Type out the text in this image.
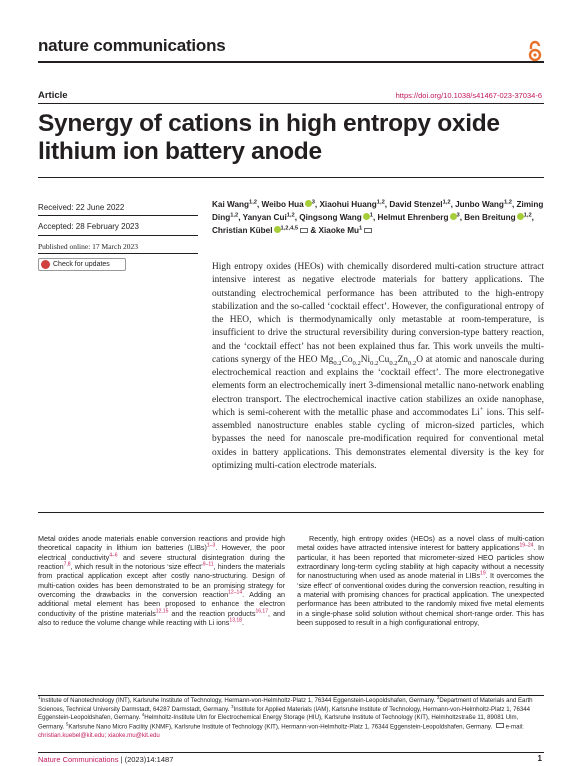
nature communications
Article	https://doi.org/10.1038/s41467-023-37034-6
Synergy of cations in high entropy oxide
lithium ion battery anode
Received: 22 June 2022
Accepted: 28 February 2023
Published online: 17 March 2023
Check for updates
Kai Wang$^{1,2}$, Weibo Hua $^3$, Xiaohui Huang$^{1,2}$, David Stenzel$^{1,2}$, Junbo Wang$^{1,2}$, Ziming Ding$^{1,2}$, Yanyan Cui$^{1,2}$, Qingsong Wang $^1$, Helmut Ehrenberg $^3$, Ben Breitung $^{1,2}$, Christian Kübel $^{1,2,4,5}$ & Xiaoke Mu$^1$
High entropy oxides (HEOs) with chemically disordered multi-cation structure attract intensive interest as negative electrode materials for battery applications. The outstanding electrochemical performance has been attributed to the high-entropy stabilization and the so-called ‘cocktail effect’. However, the configurational entropy of the HEO, which is thermodynamically only metastable at room-temperature, is insufficient to drive the structural reversibility during conversion-type battery reaction, and the ‘cocktail effect’ has not been explained thus far. This work unveils the multi-cations synergy of the HEO $Mg_{0.2}Co_{0.2}Ni_{0.2}Cu_{0.2}Zn_{0.2}O$ at atomic and nanoscale during electrochemical reaction and explains the ‘cocktail effect’. The more electronegative elements form an electrochemically inert 3-dimensional metallic nano-network enabling electron transport. The electrochemical inactive cation stabilizes an oxide nanophase, which is semi-coherent with the metallic phase and accommodates Li+ ions. This self-assembled nanostructure enables stable cycling of micron-sized particles, which bypasses the need for nanoscale pre-modification required for conventional metal oxides in battery applications. This demonstrates elemental diversity is the key for optimizing multi-cation electrode materials.
Metal oxides anode materials enable conversion reactions and provide high theoretical capacity in lithium ion batteries (LIBs)$^{1-3}$. However, the poor electrical conductivity$^{4-6}$ and severe structural disintegration during the reaction$^{7,8}$, which result in the notorious ‘size effect’$^{9-11}$, hinders the materials from practical application except after costly nano-structuring. Design of multi-cation oxides has been demonstrated to be an promising strategy for overcoming the drawbacks in the conversion reaction$^{12-14}$. Adding an additional metal element has been proposed to enhance the electron conductivity of the pristine materials$^{12,15}$ and the reaction products$^{16,17}$, and also to reduce the volume change while reacting with Li ions$^{13,18}$.

Recently, high entropy oxides (HEOs) as a novel class of multi-cation metal oxides have attracted intensive interest for battery applications$^{19-24}$. In particular, it has been reported that micrometer-sized HEO particles show extraordinary long-term cycling stability at high capacity without a necessity for nanostructuring when used as anode material in LIBs$^{19}$. It overcomes the ‘size effect’ of conventional oxides during the conversion reaction, resulting in a material with promising chances for practical application. The unexpected performance has been attributed to the randomly mixed five metal elements in a single-phase solid solution without chemical short-range order. This has been supposed to result in a high configurational entropy,

$^1$Institute of Nanotechnology (INT), Karlsruhe Institute of Technology, Hermann-von-Helmholtz-Platz 1, 76344 Eggenstein-Leopoldshafen, Germany. $^2$Department of Materials and Earth Sciences, Technical University Darmstadt, 64287 Darmstadt, Germany. $^3$Institute for Applied Materials (IAM), Karlsruhe Institute of Technology, Hermann-von-Helmholtz-Platz 1, 76344 Eggenstein-Leopoldshafen, Germany. $^4$Helmholtz-Institute Ulm for Electrochemical Energy Storage (HIU), Karlsruhe Institute of Technology (KIT), Helmholtzstraße 11, 89081 Ulm, Germany. $^5$Karlsruhe Nano Micro Facility (KNMF), Karlsruhe Institute of Technology (KIT), Hermann-von-Helmholtz-Platz 1, 76344 Eggenstein-Leopoldshafen, Germany.  e-mail: christian.kuebel@kit.edu; xiaoke.mu@kit.edu
Nature Communications | (2023)14:1487	1
